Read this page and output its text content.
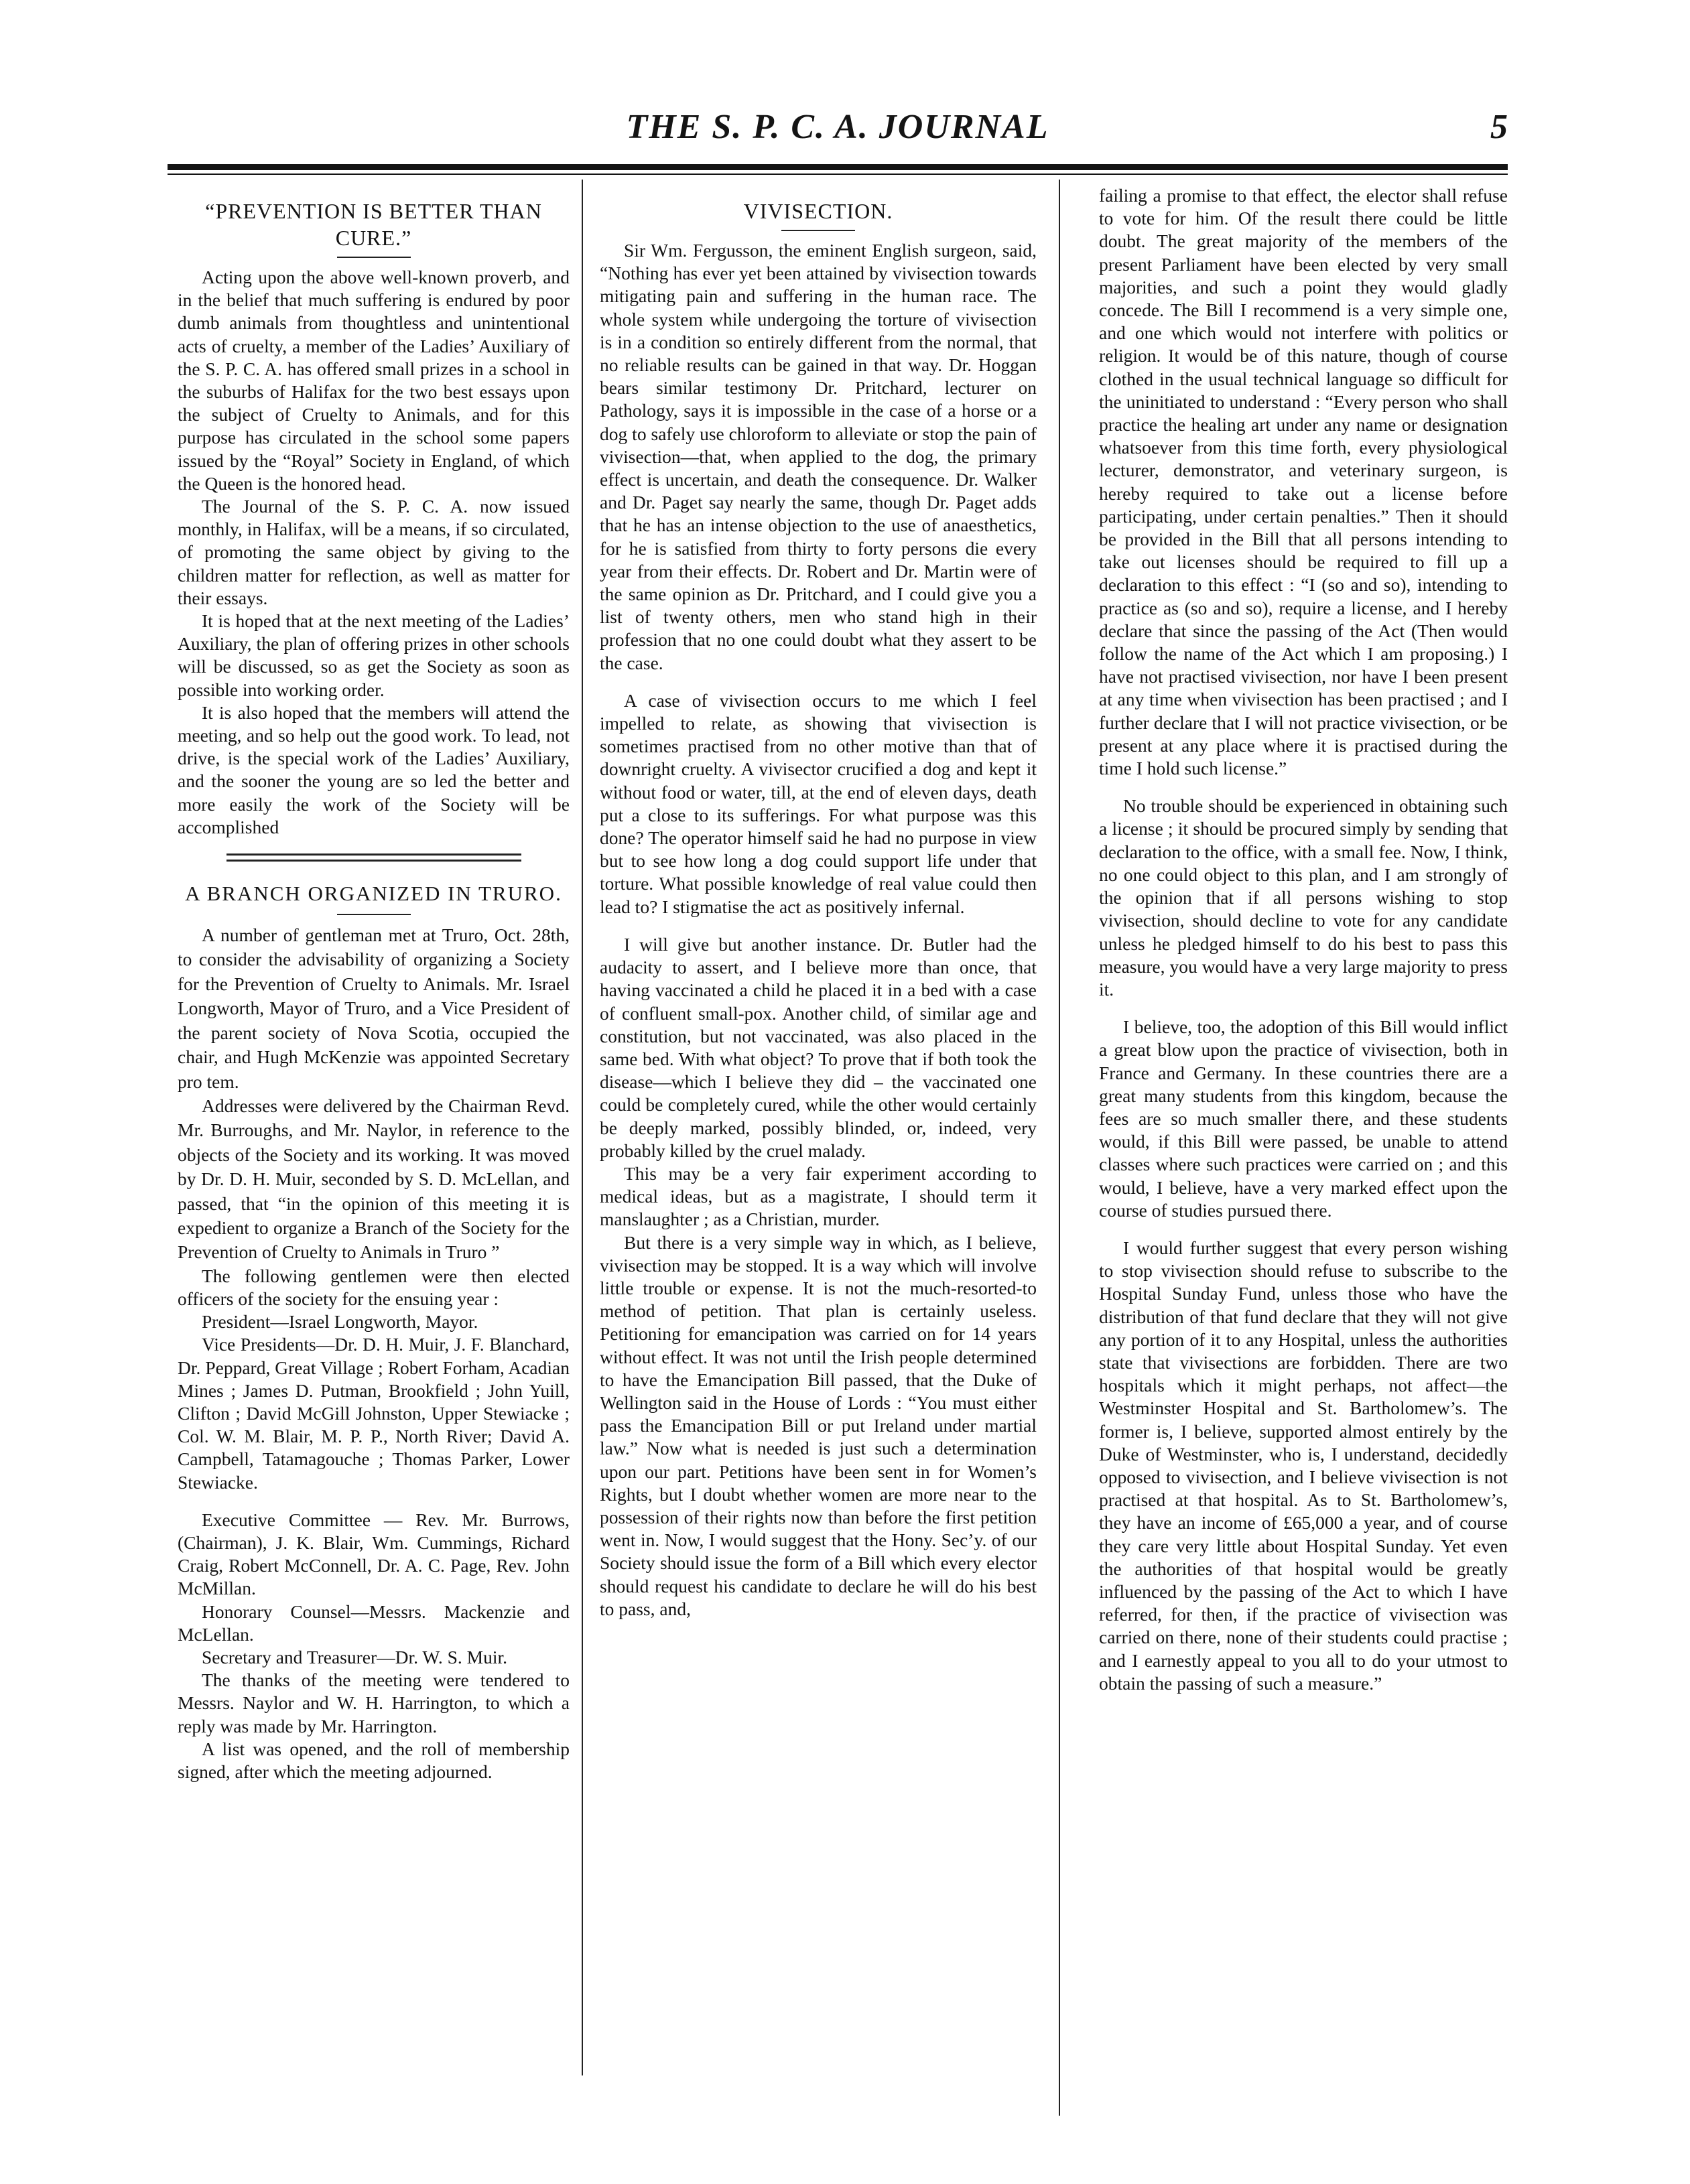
THE S. P. C. A. JOURNAL	5
“PREVENTION IS BETTER THAN CURE.”

Acting upon the above well-known proverb, and in the belief that much suffering is endured by poor dumb animals from thoughtless and unintentional acts of cruelty, a member of the Ladies’ Auxiliary of the S. P. C. A. has offered small prizes in a school in the suburbs of Halifax for the two best essays upon the subject of Cruelty to Animals, and for this purpose has circulated in the school some papers issued by the “Royal” Society in England, of which the Queen is the honored head.

The Journal of the S. P. C. A. now issued monthly, in Halifax, will be a means, if so circulated, of promoting the same object by giving to the children matter for reflection, as well as matter for their essays.

It is hoped that at the next meeting of the Ladies’ Auxiliary, the plan of offering prizes in other schools will be discussed, so as get the Society as soon as possible into working order.

It is also hoped that the members will attend the meeting, and so help out the good work. To lead, not drive, is the special work of the Ladies’ Auxiliary, and the sooner the young are so led the better and more easily the work of the Society will be accomplished

A BRANCH ORGANIZED IN TRURO.

A number of gentleman met at Truro, Oct. 28th, to consider the advisability of organizing a Society for the Prevention of Cruelty to Animals. Mr. Israel Longworth, Mayor of Truro, and a Vice President of the parent society of Nova Scotia, occupied the chair, and Hugh McKenzie was appointed Secretary pro tem.

Addresses were delivered by the Chairman Revd. Mr. Burroughs, and Mr. Naylor, in reference to the objects of the Society and its working. It was moved by Dr. D. H. Muir, seconded by S. D. McLellan, and passed, that “in the opinion of this meeting it is expedient to organize a Branch of the Society for the Prevention of Cruelty to Animals in Truro ”

The following gentlemen were then elected officers of the society for the ensuing year :

President—Israel Longworth, Mayor.

Vice Presidents—Dr. D. H. Muir, J. F. Blanchard, Dr. Peppard, Great Village ; Robert Forham, Acadian Mines ; James D. Putman, Brookfield ; John Yuill, Clifton ; David McGill Johnston, Upper Stewiacke ; Col. W. M. Blair, M. P. P., North River; David A. Campbell, Tatamagouche ; Thomas Parker, Lower Stewiacke.

Executive Committee — Rev. Mr. Burrows, (Chairman), J. K. Blair, Wm. Cummings, Richard Craig, Robert McConnell, Dr. A. C. Page, Rev. John McMillan.

Honorary Counsel—Messrs. Mackenzie and McLellan.

Secretary and Treasurer—Dr. W. S. Muir.

The thanks of the meeting were tendered to Messrs. Naylor and W. H. Harrington, to which a reply was made by Mr. Harrington.

A list was opened, and the roll of membership signed, after which the meeting adjourned.

VIVISECTION.

Sir Wm. Fergusson, the eminent English surgeon, said, “Nothing has ever yet been attained by vivisection towards mitigating pain and suffering in the human race. The whole system while undergoing the torture of vivisection is in a condition so entirely different from the normal, that no reliable results can be gained in that way. Dr. Hoggan bears similar testimony Dr. Pritchard, lecturer on Pathology, says it is impossible in the case of a horse or a dog to safely use chloroform to alleviate or stop the pain of vivisection—that, when applied to the dog, the primary effect is uncertain, and death the consequence. Dr. Walker and Dr. Paget say nearly the same, though Dr. Paget adds that he has an intense objection to the use of anaesthetics, for he is satisfied from thirty to forty persons die every year from their effects. Dr. Robert and Dr. Martin were of the same opinion as Dr. Pritchard, and I could give you a list of twenty others, men who stand high in their profession that no one could doubt what they assert to be the case.

A case of vivisection occurs to me which I feel impelled to relate, as showing that vivisection is sometimes practised from no other motive than that of downright cruelty. A vivisector crucified a dog and kept it without food or water, till, at the end of eleven days, death put a close to its sufferings. For what purpose was this done? The operator himself said he had no purpose in view but to see how long a dog could support life under that torture. What possible knowledge of real value could then lead to? I stigmatise the act as positively infernal.

I will give but another instance. Dr. Butler had the audacity to assert, and I believe more than once, that having vaccinated a child he placed it in a bed with a case of confluent small-pox. Another child, of similar age and constitution, but not vaccinated, was also placed in the same bed. With what object? To prove that if both took the disease—which I believe they did – the vaccinated one could be completely cured, while the other would certainly be deeply marked, possibly blinded, or, indeed, very probably killed by the cruel malady.

This may be a very fair experiment according to medical ideas, but as a magistrate, I should term it manslaughter ; as a Christian, murder.

But there is a very simple way in which, as I believe, vivisection may be stopped. It is a way which will involve little trouble or expense. It is not the much-resorted-to method of petition. That plan is certainly useless. Petitioning for emancipation was carried on for 14 years without effect. It was not until the Irish people determined to have the Emancipation Bill passed, that the Duke of Wellington said in the House of Lords : “You must either pass the Emancipation Bill or put Ireland under martial law.” Now what is needed is just such a determination upon our part. Petitions have been sent in for Women’s Rights, but I doubt whether women are more near to the possession of their rights now than before the first petition went in. Now, I would suggest that the Hony. Sec’y. of our Society should issue the form of a Bill which every elector should request his candidate to declare he will do his best to pass, and,

failing a promise to that effect, the elector shall refuse to vote for him. Of the result there could be little doubt. The great majority of the members of the present Parliament have been elected by very small majorities, and such a point they would gladly concede. The Bill I recommend is a very simple one, and one which would not interfere with politics or religion. It would be of this nature, though of course clothed in the usual technical language so difficult for the uninitiated to understand : “Every person who shall practice the healing art under any name or designation whatsoever from this time forth, every physiological lecturer, demonstrator, and veterinary surgeon, is hereby required to take out a license before participating, under certain penalties.” Then it should be provided in the Bill that all persons intending to take out licenses should be required to fill up a declaration to this effect : “I (so and so), intending to practice as (so and so), require a license, and I hereby declare that since the passing of the Act (Then would follow the name of the Act which I am proposing.) I have not practised vivisection, nor have I been present at any time when vivisection has been practised ; and I further declare that I will not practice vivisection, or be present at any place where it is practised during the time I hold such license.”

No trouble should be experienced in obtaining such a license ; it should be procured simply by sending that declaration to the office, with a small fee. Now, I think, no one could object to this plan, and I am strongly of the opinion that if all persons wishing to stop vivisection, should decline to vote for any candidate unless he pledged himself to do his best to pass this measure, you would have a very large majority to press it.

I believe, too, the adoption of this Bill would inflict a great blow upon the practice of vivisection, both in France and Germany. In these countries there are a great many students from this kingdom, because the fees are so much smaller there, and these students would, if this Bill were passed, be unable to attend classes where such practices were carried on ; and this would, I believe, have a very marked effect upon the course of studies pursued there.

I would further suggest that every person wishing to stop vivisection should refuse to subscribe to the Hospital Sunday Fund, unless those who have the distribution of that fund declare that they will not give any portion of it to any Hospital, unless the authorities state that vivisections are forbidden. There are two hospitals which it might perhaps, not affect—the Westminster Hospital and St. Bartholomew’s. The former is, I believe, supported almost entirely by the Duke of Westminster, who is, I understand, decidedly opposed to vivisection, and I believe vivisection is not practised at that hospital. As to St. Bartholomew’s, they have an income of £65,000 a year, and of course they care very little about Hospital Sunday. Yet even the authorities of that hospital would be greatly influenced by the passing of the Act to which I have referred, for then, if the practice of vivisection was carried on there, none of their students could practise ; and I earnestly appeal to you all to do your utmost to obtain the passing of such a measure.”
